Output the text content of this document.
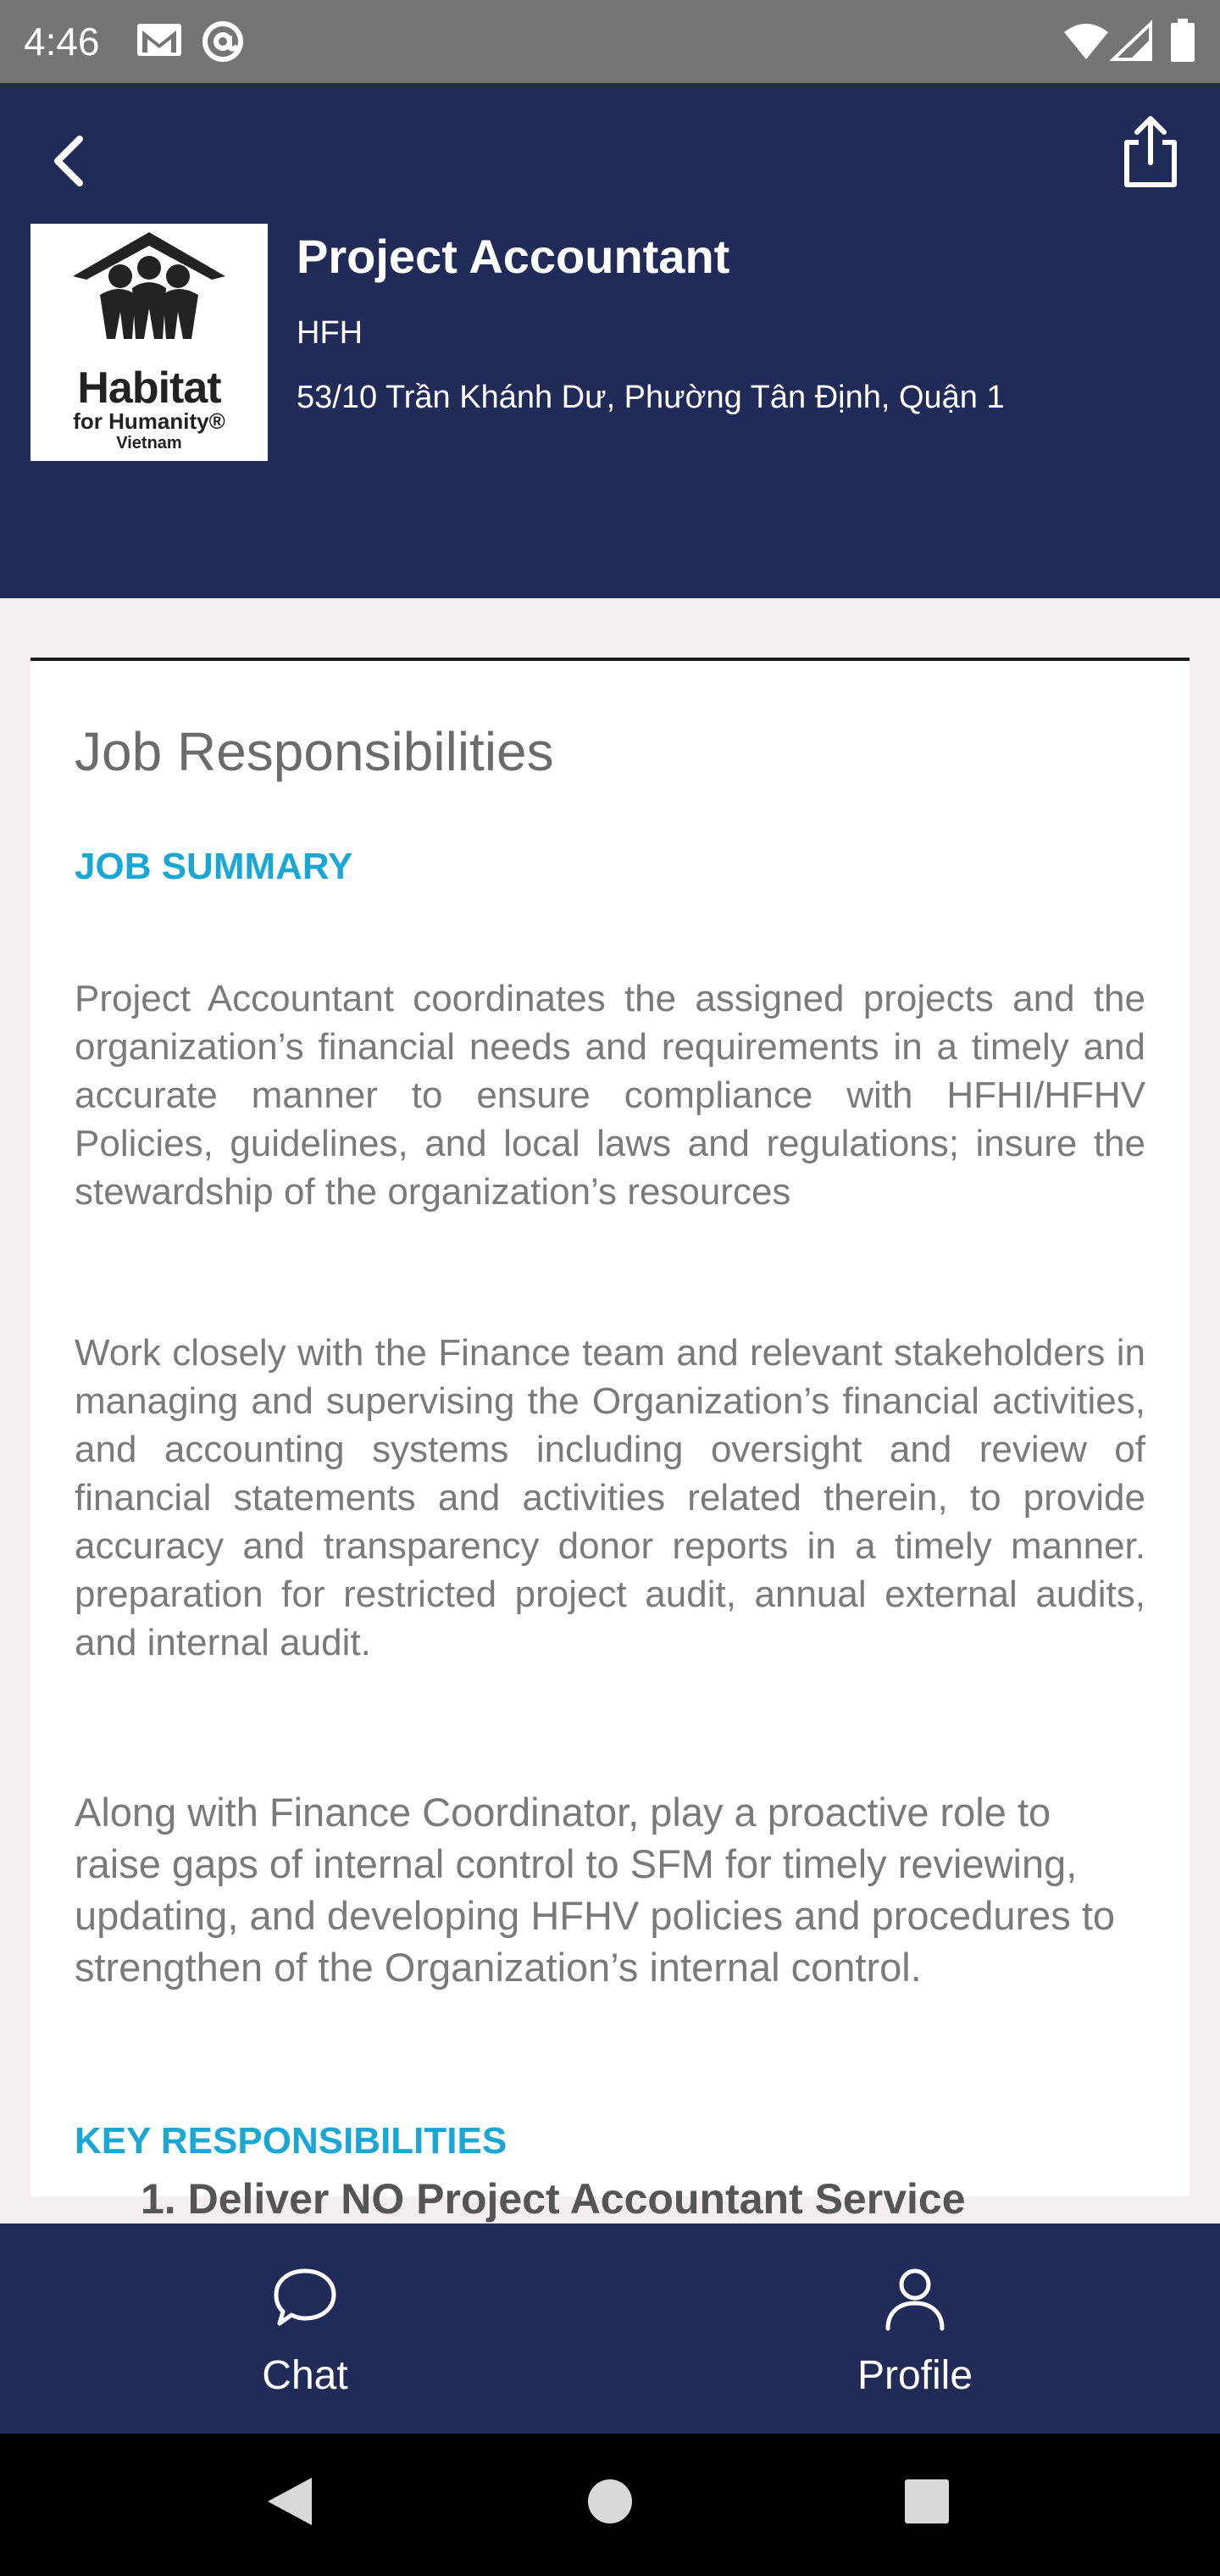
4:46
Habitat
for Humanity®
Vietnam
Project Accountant
HFH
53/10 Trần Khánh Dư, Phường Tân Định, Quận 1
Job Responsibilities
JOB SUMMARY

Project Accountant coordinates the assigned projects and the organization’s financial needs and requirements in a timely and accurate manner to ensure compliance with HFHI/HFHV Policies, guidelines, and local laws and regulations; insure the stewardship of the organization’s resources

Work closely with the Finance team and relevant stakeholders in managing and supervising the Organization’s financial activities, and accounting systems including oversight and review of financial statements and activities related therein, to provide accuracy and transparency donor reports in a timely manner. preparation for restricted project audit, annual external audits, and internal audit.

Along with Finance Coordinator, play a proactive role to raise gaps of internal control to SFM for timely reviewing, updating, and developing HFHV policies and procedures to strengthen of the Organization’s internal control.

KEY RESPONSIBILITIES
1. Deliver NO Project Accountant Service
Chat	Profile
